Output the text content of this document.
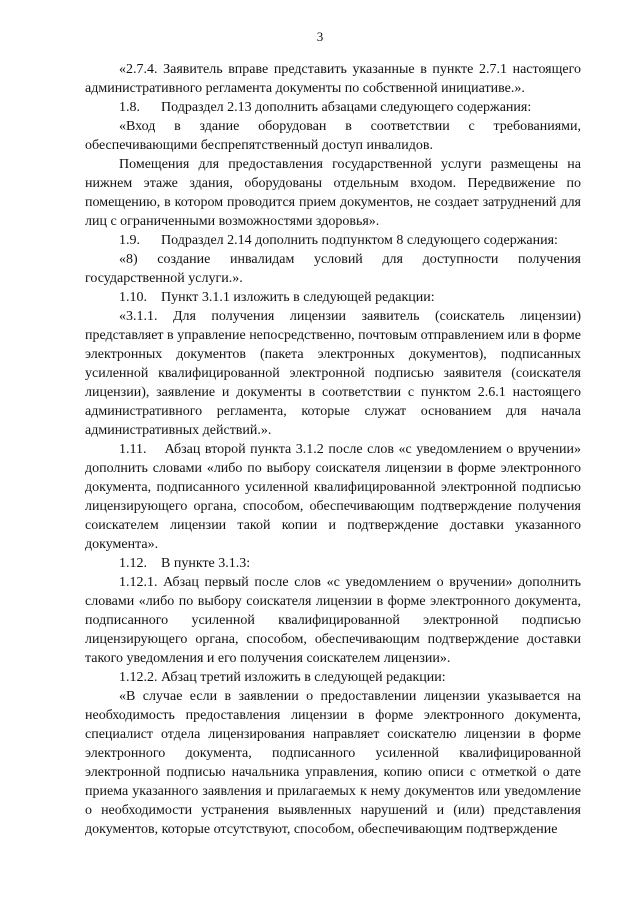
3

«2.7.4. Заявитель вправе представить указанные в пункте 2.7.1 настоящего административного регламента документы по собственной инициативе.».

1.8.      Подраздел 2.13 дополнить абзацами следующего содержания:

«Вход в здание оборудован в соответствии с требованиями, обеспечивающими беспрепятственный доступ инвалидов.

Помещения для предоставления государственной услуги размещены на нижнем этаже здания, оборудованы отдельным входом. Передвижение по помещению, в котором проводится прием документов, не создает затруднений для лиц с ограниченными возможностями здоровья».

1.9.      Подраздел 2.14 дополнить подпунктом 8 следующего содержания:

«8) создание инвалидам условий для доступности получения государственной услуги.».

1.10.    Пункт 3.1.1 изложить в следующей редакции:

«3.1.1. Для получения лицензии заявитель (соискатель лицензии) представляет в управление непосредственно, почтовым отправлением или в форме электронных документов (пакета электронных документов), подписанных усиленной квалифицированной электронной подписью заявителя (соискателя лицензии), заявление и документы в соответствии с пунктом 2.6.1 настоящего административного регламента, которые служат основанием для начала административных действий.».

1.11.    Абзац второй пункта 3.1.2 после слов «с уведомлением о вручении» дополнить словами «либо по выбору соискателя лицензии в форме электронного документа, подписанного усиленной квалифицированной электронной подписью лицензирующего органа, способом, обеспечивающим подтверждение получения соискателем лицензии такой копии и подтверждение доставки указанного документа».

1.12.    В пункте 3.1.3:

1.12.1. Абзац первый после слов «с уведомлением о вручении» дополнить словами «либо по выбору соискателя лицензии в форме электронного документа, подписанного усиленной квалифицированной электронной подписью лицензирующего органа, способом, обеспечивающим подтверждение доставки такого уведомления и его получения соискателем лицензии».

1.12.2. Абзац третий изложить в следующей редакции:

«В случае если в заявлении о предоставлении лицензии указывается на необходимость предоставления лицензии в форме электронного документа, специалист отдела лицензирования направляет соискателю лицензии в форме электронного документа, подписанного усиленной квалифицированной электронной подписью начальника управления, копию описи с отметкой о дате приема указанного заявления и прилагаемых к нему документов или уведомление о необходимости устранения выявленных нарушений и (или) представления документов, которые отсутствуют, способом, обеспечивающим подтверждение
